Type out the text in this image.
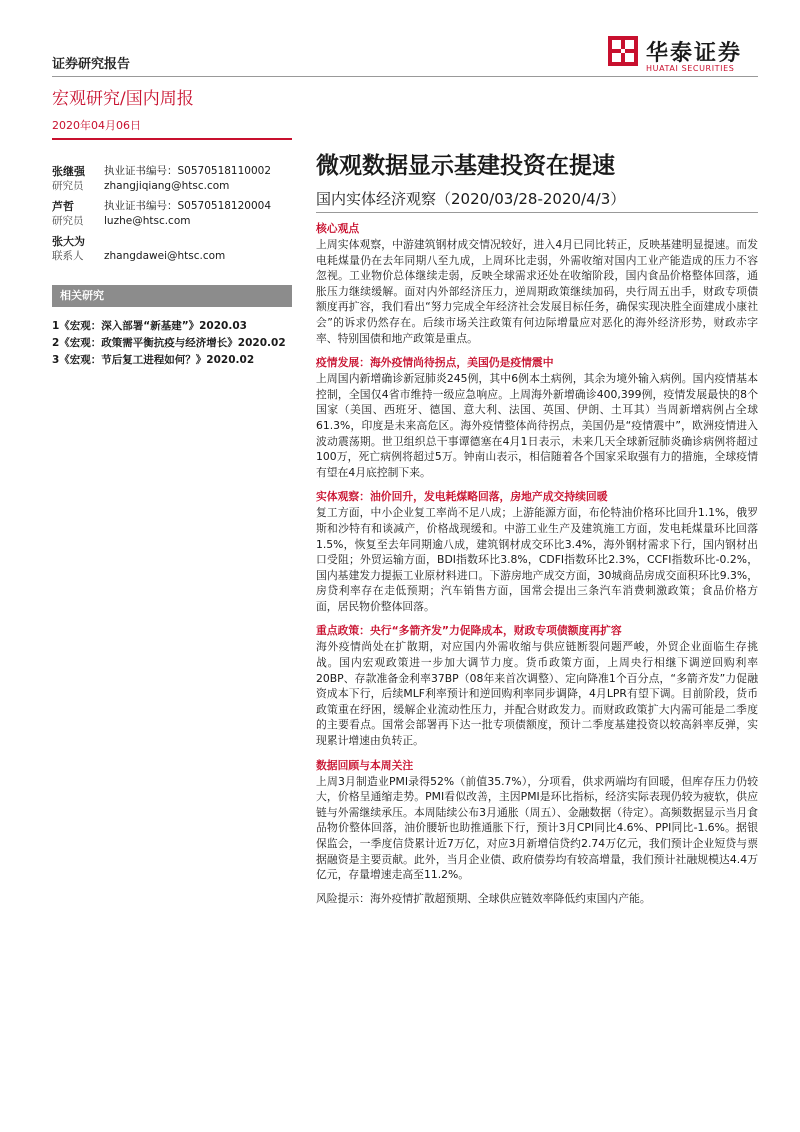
证券研究报告	华泰证券
HUATAI SECURITIES
宏观研究/国内周报
2020年04月06日
张继强
研究员
执业证书编号：S0570518110002
zhangjiqiang@htsc.com
芦哲
研究员
执业证书编号：S0570518120004
luzhe@htsc.com
张大为
联系人	zhangdawei@htsc.com
相关研究
1《宏观：深入部署“新基建”》2020.03
2《宏观：政策需平衡抗疫与经济增长》2020.02
3《宏观：节后复工进程如何？》2020.02
微观数据显示基建投资在提速
国内实体经济观察（2020/03/28-2020/4/3）
核心观点

上周实体观察，中游建筑钢材成交情况较好，进入4月已同比转正，反映基建明显提速。而发电耗煤量仍在去年同期八至九成，上周环比走弱，外需收缩对国内工业产能造成的压力不容忽视。工业物价总体继续走弱，反映全球需求还处在收缩阶段，国内食品价格整体回落，通胀压力继续缓解。面对内外部经济压力，逆周期政策继续加码，央行周五出手，财政专项债额度再扩容，我们看出“努力完成全年经济社会发展目标任务，确保实现决胜全面建成小康社会”的诉求仍然存在。后续市场关注政策有何边际增量应对恶化的海外经济形势，财政赤字率、特别国债和地产政策是重点。

疫情发展：海外疫情尚待拐点，美国仍是疫情震中

上周国内新增确诊新冠肺炎245例，其中6例本土病例，其余为境外输入病例。国内疫情基本控制，全国仅4省市维持一级应急响应。上周海外新增确诊400,399例，疫情发展最快的8个国家（美国、西班牙、德国、意大利、法国、英国、伊朗、土耳其）当周新增病例占全球61.3%，印度是未来高危区。海外疫情整体尚待拐点，美国仍是“疫情震中”，欧洲疫情进入波动震荡期。世卫组织总干事谭德塞在4月1日表示，未来几天全球新冠肺炎确诊病例将超过100万，死亡病例将超过5万。钟南山表示，相信随着各个国家采取强有力的措施，全球疫情有望在4月底控制下来。

实体观察：油价回升，发电耗煤略回落，房地产成交持续回暖

复工方面，中小企业复工率尚不足八成；上游能源方面，布伦特油价格环比回升1.1%，俄罗斯和沙特有和谈减产，价格战现缓和。中游工业生产及建筑施工方面，发电耗煤量环比回落1.5%，恢复至去年同期逾八成，建筑钢材成交环比3.4%，海外钢材需求下行，国内钢材出口受阻；外贸运输方面，BDI指数环比3.8%，CDFI指数环比2.3%，CCFI指数环比-0.2%，国内基建发力提振工业原材料进口。下游房地产成交方面，30城商品房成交面积环比9.3%，房贷利率存在走低预期；汽车销售方面，国常会提出三条汽车消费刺激政策；食品价格方面，居民物价整体回落。

重点政策：央行“多箭齐发”力促降成本，财政专项债额度再扩容

海外疫情尚处在扩散期，对应国内外需收缩与供应链断裂问题严峻，外贸企业面临生存挑战。国内宏观政策进一步加大调节力度。货币政策方面，上周央行相继下调逆回购利率20BP、存款准备金利率37BP（08年来首次调整）、定向降准1个百分点，“多箭齐发”力促融资成本下行，后续MLF利率预计和逆回购利率同步调降，4月LPR有望下调。目前阶段，货币政策重在纾困，缓解企业流动性压力，并配合财政发力。而财政政策扩大内需可能是二季度的主要看点。国常会部署再下达一批专项债额度，预计二季度基建投资以较高斜率反弹，实现累计增速由负转正。

数据回顾与本周关注

上周3月制造业PMI录得52%（前值35.7%），分项看，供求两端均有回暖，但库存压力仍较大，价格呈通缩走势。PMI看似改善，主因PMI是环比指标，经济实际表现仍较为疲软，供应链与外需继续承压。本周陆续公布3月通胀（周五）、金融数据（待定）。高频数据显示当月食品物价整体回落，油价腰斩也助推通胀下行，预计3月CPI同比4.6%、PPI同比-1.6%。据银保监会，一季度信贷累计近7万亿，对应3月新增信贷约2.74万亿元，我们预计企业短贷与票据融资是主要贡献。此外，当月企业债、政府债券均有较高增量，我们预计社融规模达4.4万亿元，存量增速走高至11.2%。

风险提示：海外疫情扩散超预期、全球供应链效率降低约束国内产能。
